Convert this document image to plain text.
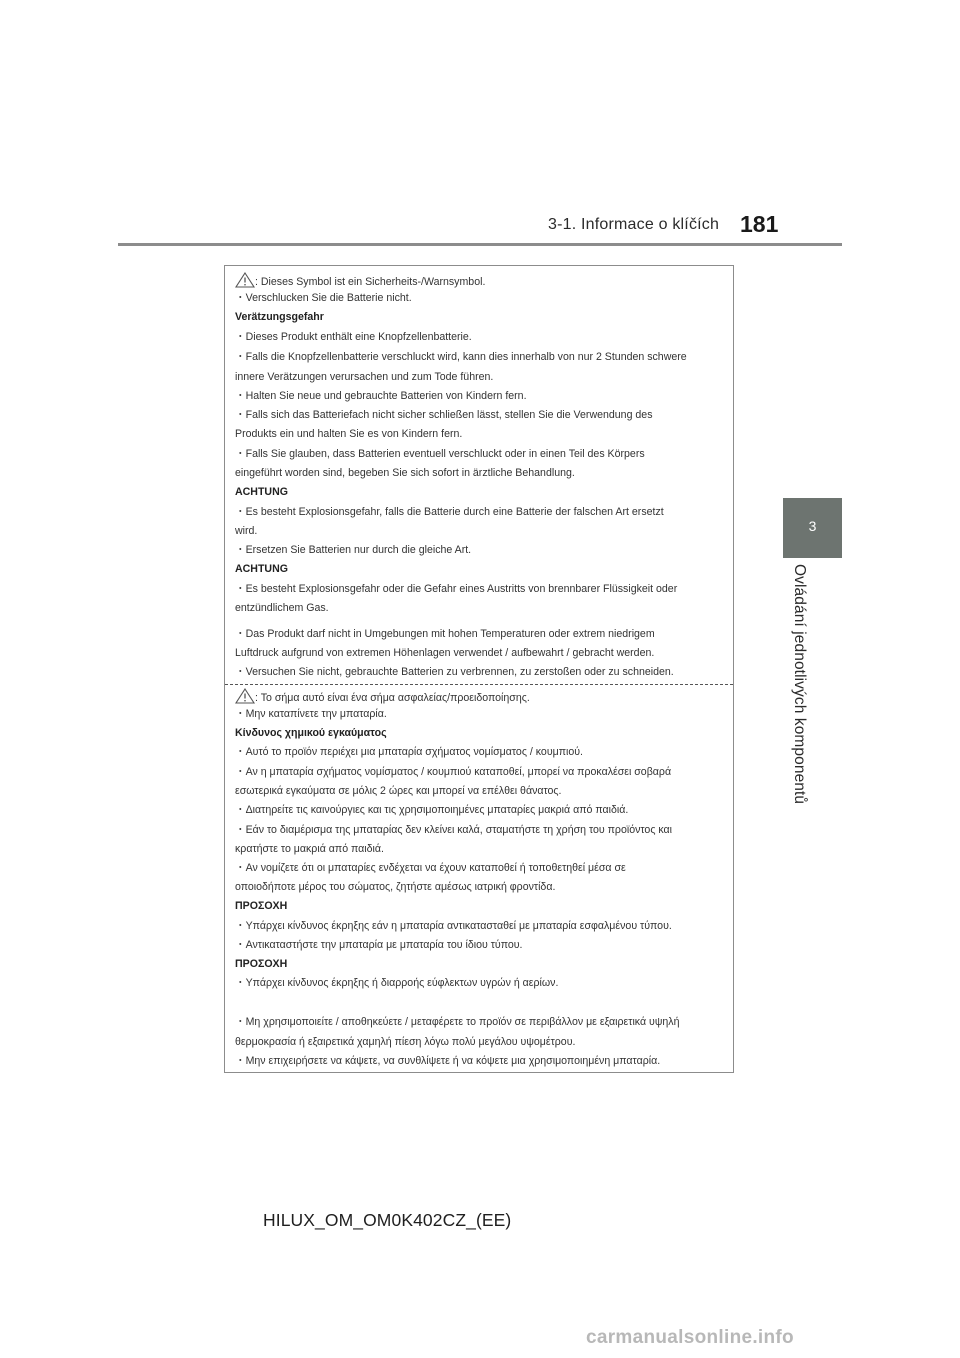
3-1. Informace o klíčích 181
3
Ovládání jednotlivých komponentů
: Dieses Symbol ist ein Sicherheits-/Warnsymbol.
・Verschlucken Sie die Batterie nicht.
Verätzungsgefahr
・Dieses Produkt enthält eine Knopfzellenbatterie.
・Falls die Knopfzellenbatterie verschluckt wird, kann dies innerhalb von nur 2 Stunden schwere
innere Verätzungen verursachen und zum Tode führen.
・Halten Sie neue und gebrauchte Batterien von Kindern fern.
・Falls sich das Batteriefach nicht sicher schließen lässt, stellen Sie die Verwendung des
Produkts ein und halten Sie es von Kindern fern.
・Falls Sie glauben, dass Batterien eventuell verschluckt oder in einen Teil des Körpers
eingeführt worden sind, begeben Sie sich sofort in ärztliche Behandlung.
ACHTUNG
・Es besteht Explosionsgefahr, falls die Batterie durch eine Batterie der falschen Art ersetzt
wird.
・Ersetzen Sie Batterien nur durch die gleiche Art.
ACHTUNG
・Es besteht Explosionsgefahr oder die Gefahr eines Austritts von brennbarer Flüssigkeit oder
entzündlichem Gas.
・Das Produkt darf nicht in Umgebungen mit hohen Temperaturen oder extrem niedrigem
Luftdruck aufgrund von extremen Höhenlagen verwendet / aufbewahrt / gebracht werden.
・Versuchen Sie nicht, gebrauchte Batterien zu verbrennen, zu zerstoßen oder zu schneiden.
: Το σήμα αυτό είναι ένα σήμα ασφαλείας/προειδοποίησης.
・Μην καταπίνετε την μπαταρία.
Κίνδυνος χημικού εγκαύματος
・Αυτό το προϊόν περιέχει μια μπαταρία σχήματος νομίσματος / κουμπιού.
・Αν η μπαταρία σχήματος νομίσματος / κουμπιού καταποθεί, μπορεί να προκαλέσει σοβαρά
εσωτερικά εγκαύματα σε μόλις 2 ώρες και μπορεί να επέλθει θάνατος.
・Διατηρείτε τις καινούργιες και τις χρησιμοποιημένες μπαταρίες μακριά από παιδιά.
・Εάν το διαμέρισμα της μπαταρίας δεν κλείνει καλά, σταματήστε τη χρήση του προϊόντος και
κρατήστε το μακριά από παιδιά.
・Αν νομίζετε ότι οι μπαταρίες ενδέχεται να έχουν καταποθεί ή τοποθετηθεί μέσα σε
οποιοδήποτε μέρος του σώματος, ζητήστε αμέσως ιατρική φροντίδα.
ΠΡΟΣΟΧΗ
・Υπάρχει κίνδυνος έκρηξης εάν η μπαταρία αντικατασταθεί με μπαταρία εσφαλμένου τύπου.
・Αντικαταστήστε την μπαταρία με μπαταρία του ίδιου τύπου.
ΠΡΟΣΟΧΗ
・Υπάρχει κίνδυνος έκρηξης ή διαρροής εύφλεκτων υγρών ή αερίων.
・Μη χρησιμοποιείτε / αποθηκεύετε / μεταφέρετε το προϊόν σε περιβάλλον με εξαιρετικά υψηλή
θερμοκρασία ή εξαιρετικά χαμηλή πίεση λόγω πολύ μεγάλου υψομέτρου.
・Μην επιχειρήσετε να κάψετε, να συνθλίψετε ή να κόψετε μια χρησιμοποιημένη μπαταρία.
HILUX_OM_OM0K402CZ_(EE)
carmanualsonline.info
